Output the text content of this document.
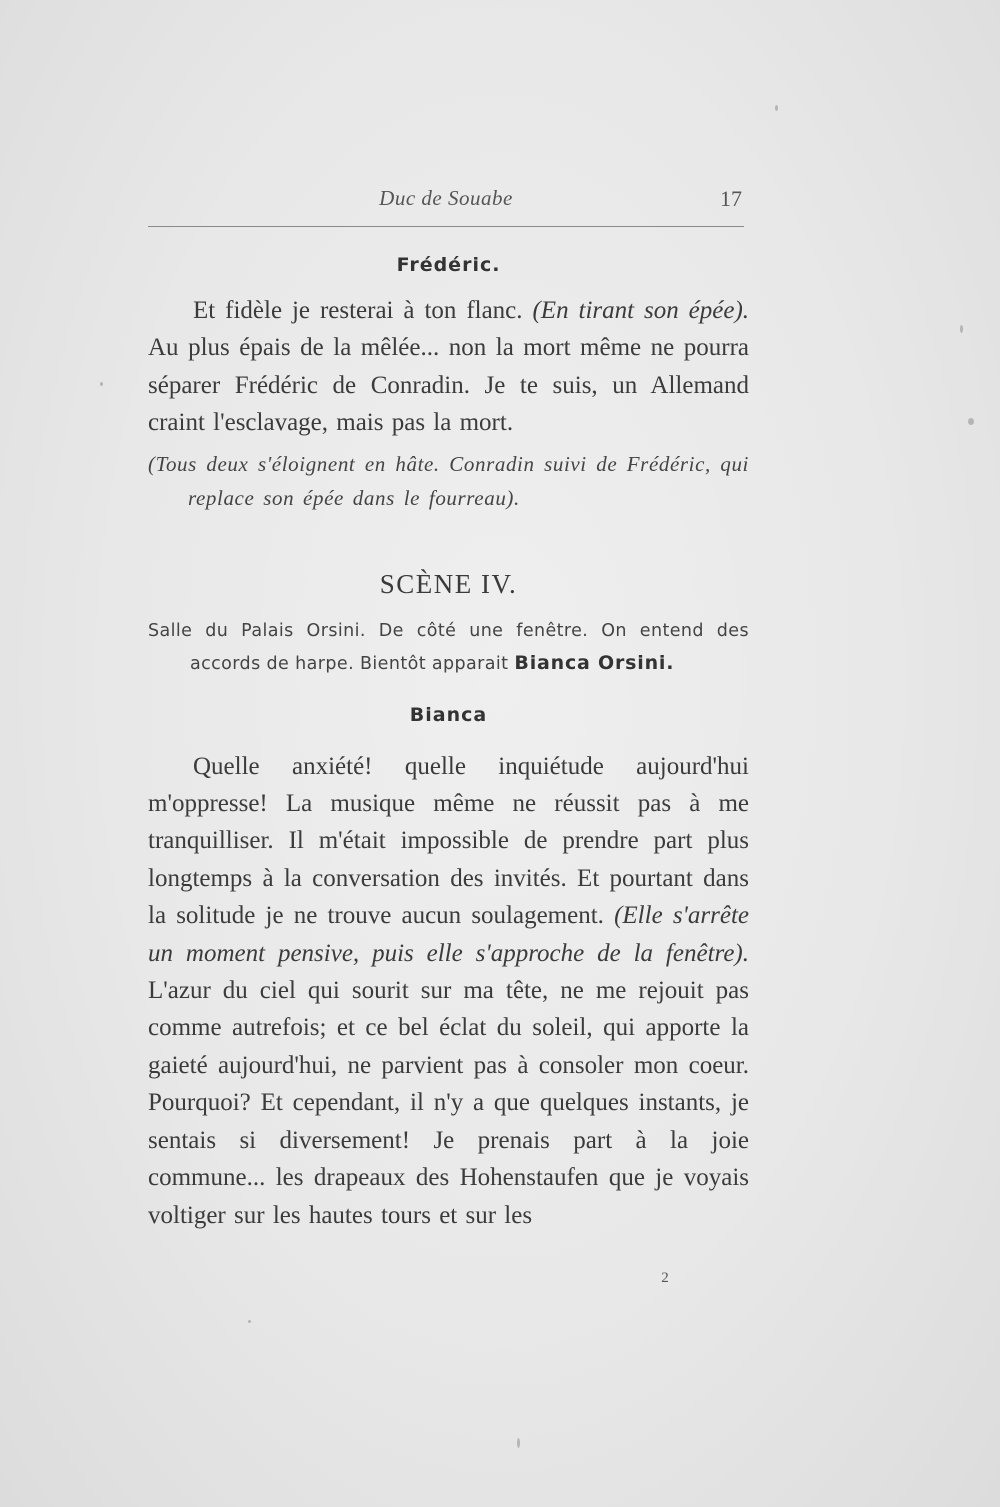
Duc de Souabe	17

Frédéric.

Et fidèle je resterai à ton flanc. (En tirant son épée). Au plus épais de la mêlée... non la mort même ne pourra séparer Frédéric de Conradin. Je te suis, un Allemand craint l'esclavage, mais pas la mort.

(Tous deux s'éloignent en hâte. Conradin suivi de Frédéric, qui replace son épée dans le fourreau).

SCÈNE IV.

Salle du Palais Orsini. De côté une fenêtre. On entend des accords de harpe. Bientôt apparait Bianca Orsini.

Bianca

Quelle anxiété! quelle inquiétude aujourd'hui m'oppresse! La musique même ne réussit pas à me tranquilliser. Il m'était impossible de prendre part plus longtemps à la conversation des invités. Et pourtant dans la solitude je ne trouve aucun soulagement. (Elle s'arrête un moment pensive, puis elle s'approche de la fenêtre). L'azur du ciel qui sourit sur ma tête, ne me rejouit pas comme autrefois; et ce bel éclat du soleil, qui apporte la gaieté aujourd'hui, ne parvient pas à consoler mon coeur. Pourquoi? Et cependant, il n'y a que quelques instants, je sentais si diversement! Je prenais part à la joie commune... les drapeaux des Hohenstaufen que je voyais voltiger sur les hautes tours et sur les

2
